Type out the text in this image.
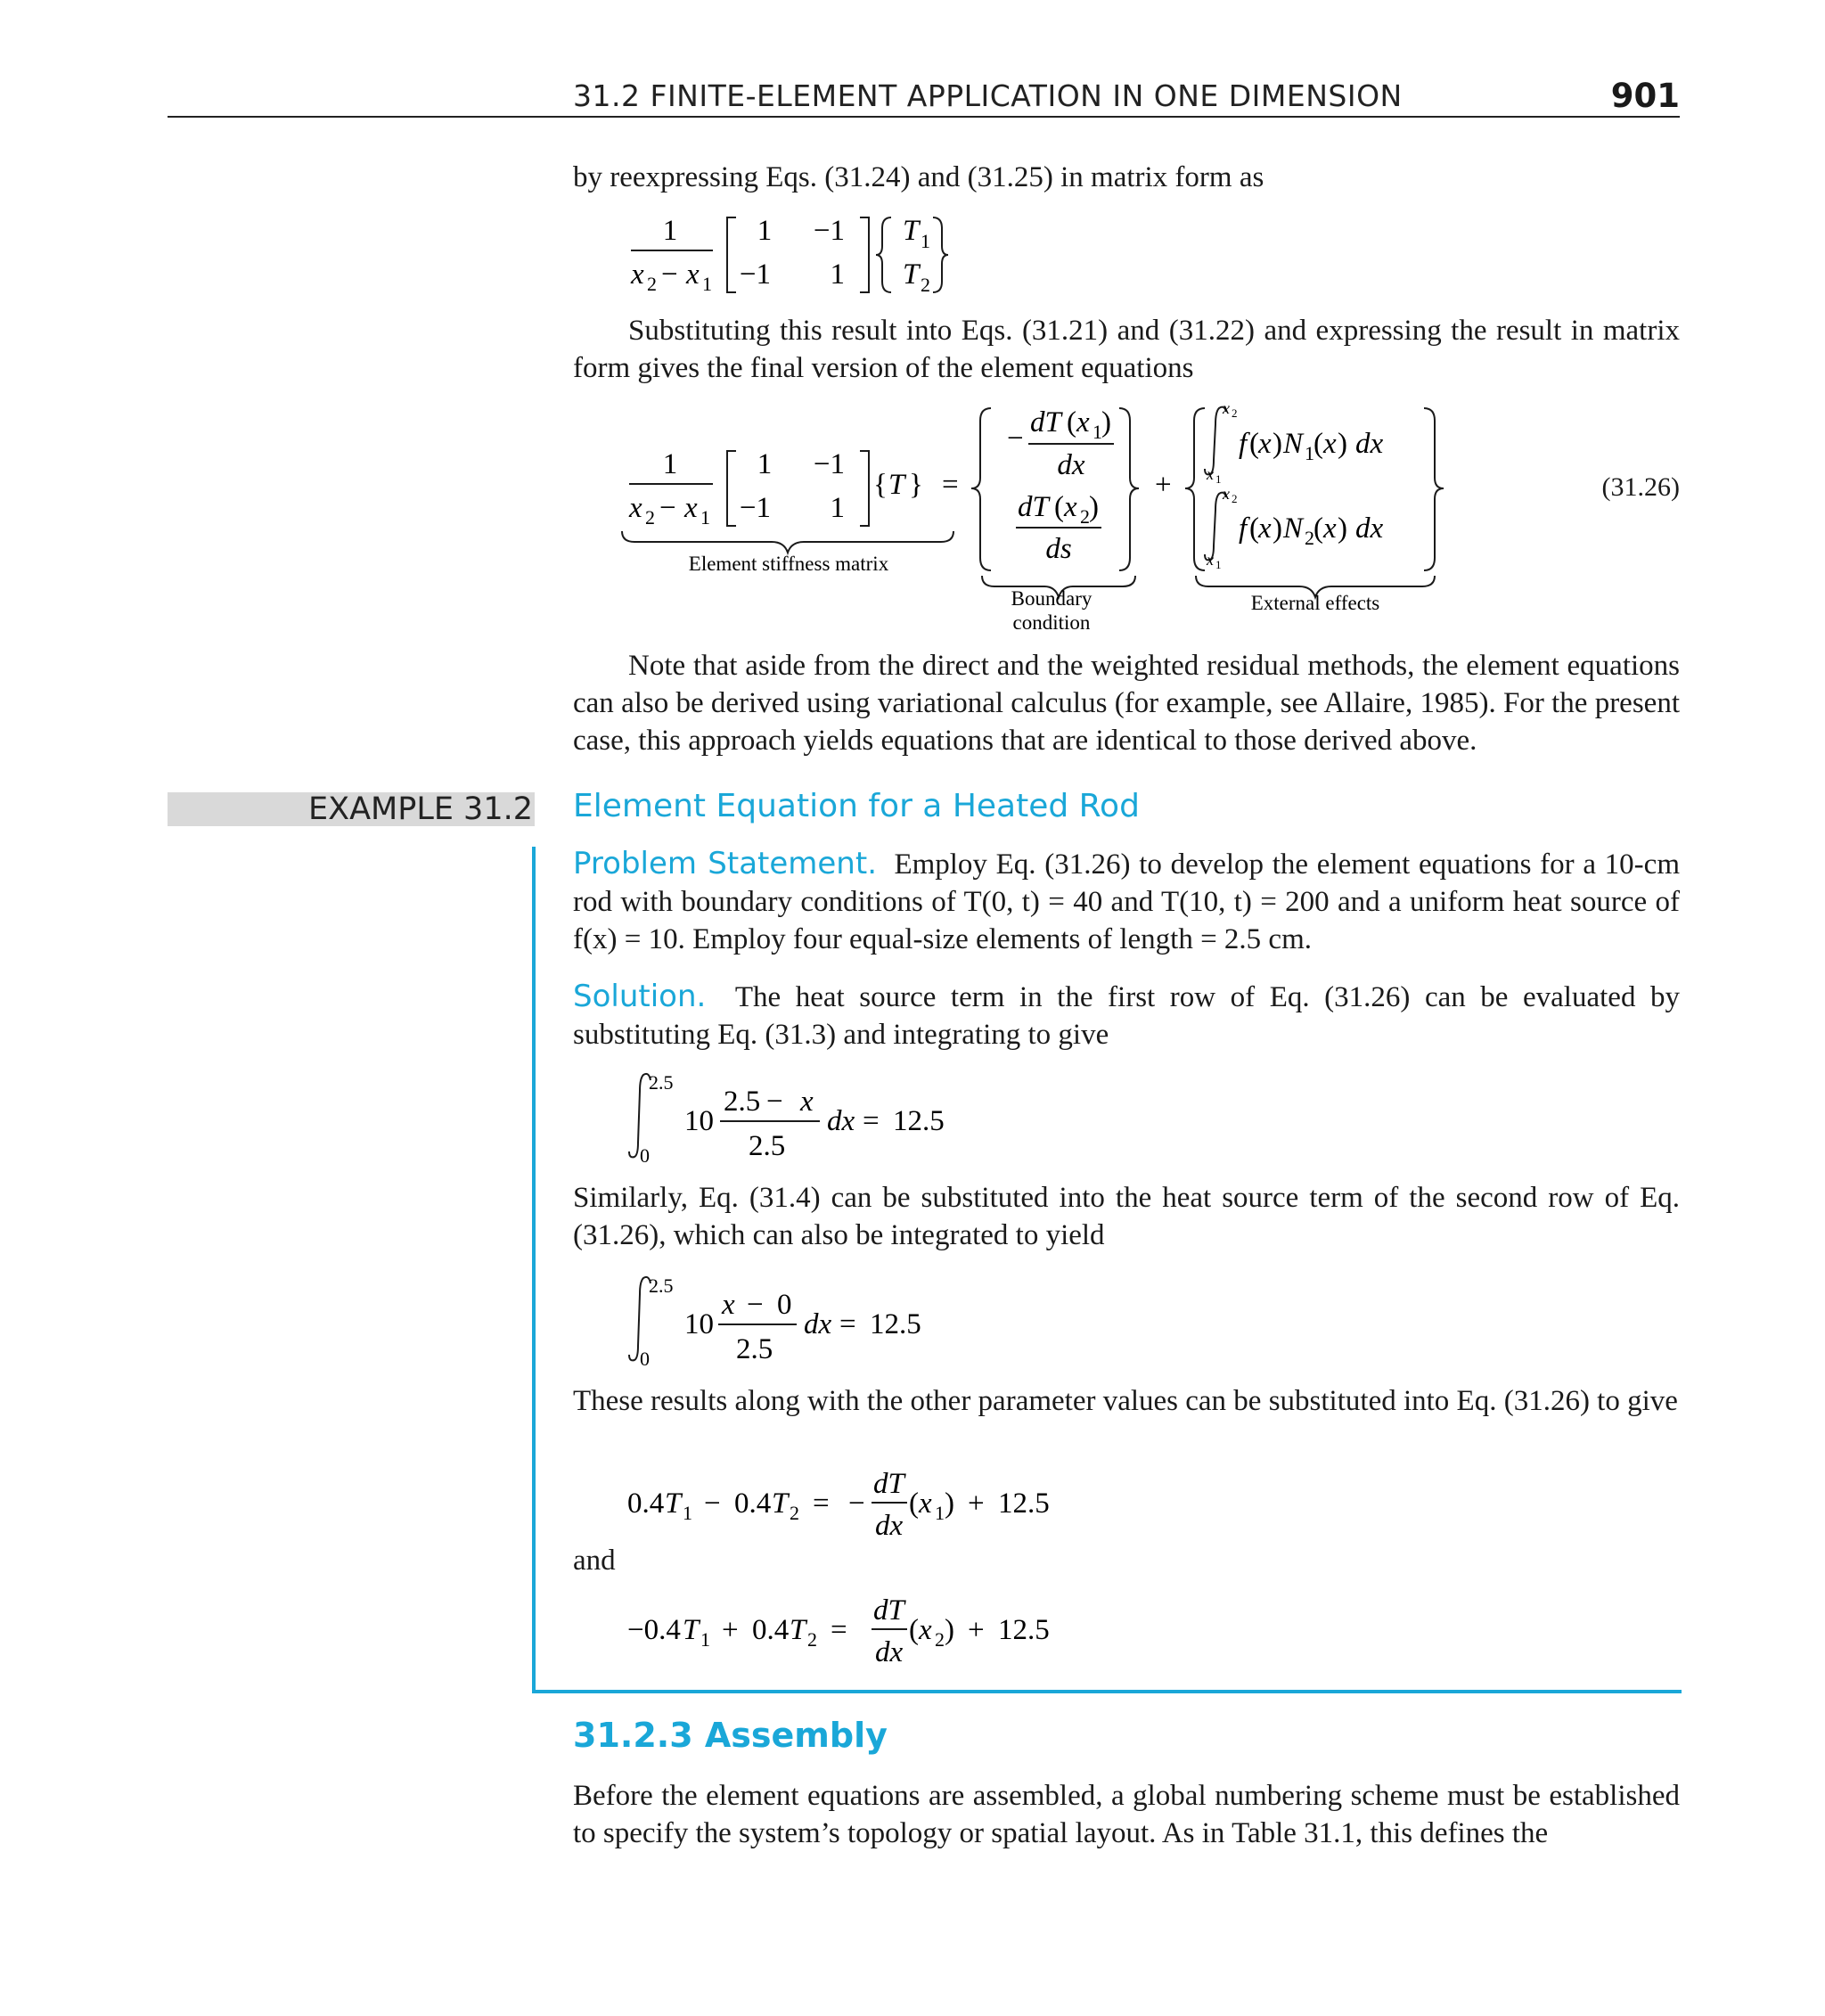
31.2 FINITE-ELEMENT APPLICATION IN ONE DIMENSION	901
by reexpressing Eqs. (31.24) and (31.25) in matrix form as
1
x 2 − x 1
1 −1
−1 1
T 1
T 2
Substituting this result into Eqs. (31.21) and (31.22) and expressing the result in matrix form gives the final version of the element equations
1
x 2 − x 1
1 −1
−1 1
{ T } =
Element stiffness matrix
− dT ( x 1 )
dx
dT ( x 2 )
ds
Boundary
condition
+
x 2
x 1
f ( x ) N 1 ( x ) dx
x 2
x 1
f ( x ) N 2 ( x ) dx
External effects
(31.26)
Note that aside from the direct and the weighted residual methods, the element equations can also be derived using variational calculus (for example, see Allaire, 1985). For the present case, this approach yields equations that are identical to those derived above.
EXAMPLE 31.2 Element Equation for a Heated Rod
Problem Statement. Employ Eq. (31.26) to develop the element equations for a 10-cm rod with boundary conditions of T(0, t) = 40 and T(10, t) = 200 and a uniform heat source of f(x) = 10. Employ four equal-size elements of length = 2.5 cm.
Solution. The heat source term in the first row of Eq. (31.26) can be evaluated by substituting Eq. (31.3) and integrating to give
2.5
0
10
2.5 − x
2.5
dx = 12.5
Similarly, Eq. (31.4) can be substituted into the heat source term of the second row of Eq. (31.26), which can also be integrated to yield
2.5
0
10
x − 0
2.5
dx = 12.5
These results along with the other parameter values can be substituted into Eq. (31.26) to give
0.4 T 1 − 0.4 T 2 = −
dT
dx
( x 1 ) + 12.5
and
−0.4 T 1 + 0.4 T 2 =
dT
dx
( x 2 ) + 12.5
31.2.3 Assembly
Before the element equations are assembled, a global numbering scheme must be established to specify the system’s topology or spatial layout. As in Table 31.1, this defines the
